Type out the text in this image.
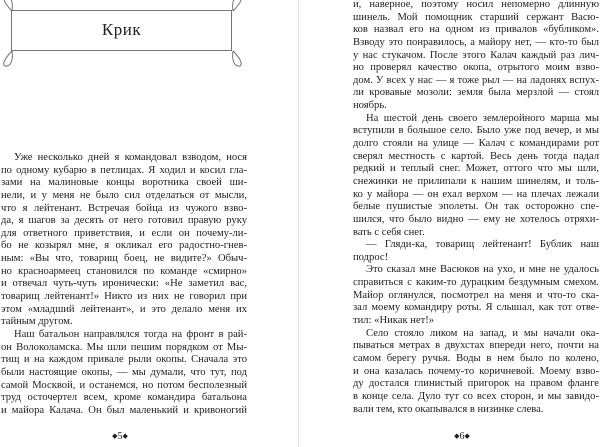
Крик
Уже несколько дней я командовал взводом, нося
по одному кубарю в петлицах. Я ходил и косил гла-
зами на малиновые концы воротника своей ши-
нели, и у меня не было сил отделаться от мысли,
что я лейтенант. Встречая бойца из чужого взво-
да, я шагов за десять от него готовил правую руку
для ответного приветствия, и если он почему-ли-
бо не козырял мне, я окликал его радостно-гнев-
ным: «Вы что, товарищ боец, не видите?» Обыч-
но красноармеец становился по команде «смирно»
и отвечал чуть-чуть иронически: «Не заметил вас,
товарищ лейтенант!» Никто из них не говорил при
этом «младший лейтенант», и это делало меня их
тайным другом.
Наш батальон направлялся тогда на фронт в рай-
он Волоколамска. Мы шли пешим порядком от Мы-
тищ и на каждом привале рыли окопы. Сначала это
были настоящие окопы, — мы думали, что тут, под
самой Москвой, и останемся, но потом бесполезный
труд осточертел всем, кроме командира батальона
и майора Калача. Он был маленький и кривоногий
и, наверное, поэтому носил непомерно длинную
шинель. Мой помощник старший сержант Васю-
ков назвал его на одном из привалов «бубликом».
Взводу это понравилось, а майору нет, — кто-то был
у нас стукачом. После этого Калач каждый раз лич-
но проверял качество окопа, отрытого моим взво-
дом. У всех у нас — я тоже рыл — на ладонях вспух-
ли кровавые мозоли: земля была мерзлой — стоял
ноябрь.
На шестой день своего землеройного марша мы
вступили в большое село. Было уже под вечер, и мы
долго стояли на улице — Калач с командирами рот
сверял местность с картой. Весь день тогда падал
редкий и теплый снег. Может, оттого что мы шли,
снежинки не прилипали к нашим шинелям, и толь-
ко у майора — он ехал верхом — на плечах лежали
белые пушистые эполеты. Он так осторожно спе-
шился, что было видно — ему не хотелось отряхи-
вать с себя снег.
— Гляди-ка, товарищ лейтенант! Бублик наш
подрос!
Это сказал мне Васюков на ухо, и мне не удалось
справиться с каким-то дурацким бездумным смехом.
Майор оглянулся, посмотрел на меня и что-то ска-
зал моему командиру роты. Я слышал, как тот отве-
тил: «Никак нет!»
Село стояло ликом на запад, и мы начали ока-
пываться метрах в двухстах впереди него, почти на
самом берегу ручья. Воды в нем было по колено,
и она казалась почему-то коричневой. Моему взво-
ду достался глинистый пригорок на правом фланге
в конце села. Дуло тут со всех сторон, и мы завидо-
вали тем, кто окапывался в низинке слева.
◆5◆	◆6◆
